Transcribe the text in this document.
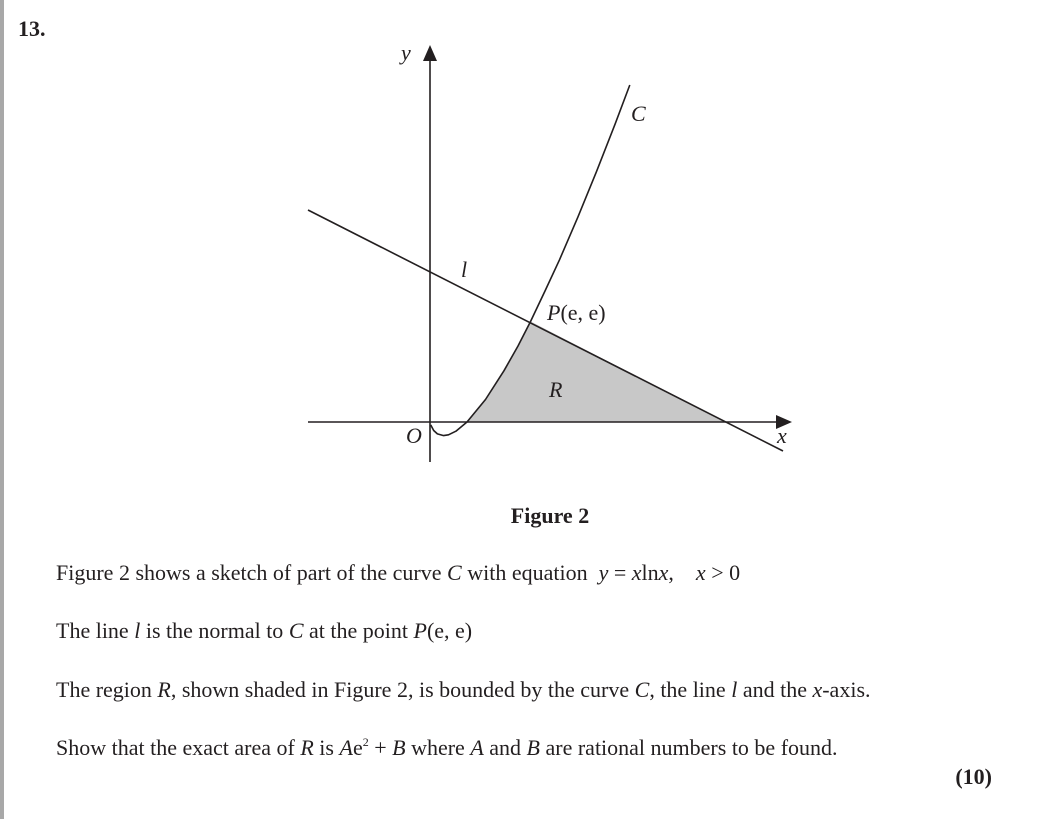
13.
y
x
O
C
l
R
P(e, e)
Figure 2
Figure 2 shows a sketch of part of the curve C with equation  y = xlnx, x > 0
The line l is the normal to C at the point P(e, e)
The region R, shown shaded in Figure 2, is bounded by the curve C, the line l and the x-axis.
Show that the exact area of R is $Ae^2 + B$ where A and B are rational numbers to be found.
(10)
